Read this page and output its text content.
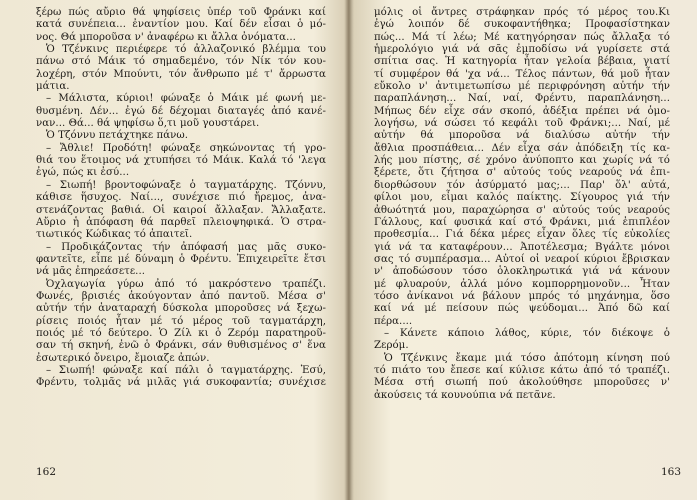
ξέρω πώς αὔριο θά ψηφίσεις ὑπέρ τοῦ Φράνκι καί
κατά συνέπεια... ἐναντίον μου. Καί δέν εἶσαι ὁ μό-
νος. Θά μποροῦσα ν' ἀναφέρω κι ἄλλα ὀνόματα...
Ὁ Τζένκινς περιέφερε τό ἀλλαζονικό βλέμμα του
πάνω στό Μάικ τό σημαδεμένο, τόν Νίκ τόν κου-
λοχέρη, στόν Μπούντι, τόν ἄνθρωπο μέ τ' ἄρρωστα
μάτια.
– Μάλιστα, κύριοι! φώναξε ὁ Μάικ μέ φωνή με-
θυσμένη. Δέν... ἐγώ δέ δέχομαι διαταγές ἀπό κανέ-
ναν... Θά... θά ψηφίσω ὅ,τι μοῦ γουστάρει.
Ὁ Τζόννυ πετάχτηκε πάνω.
– Ἄθλιε! Προδότη! φώναξε σηκώνοντας τή γρο-
θιά του ἕτοιμος νά χτυπήσει τό Μάικ. Καλά τό 'λεγα
ἐγώ, πώς κι ἐσύ...
– Σιωπή! βροντοφώναξε ὁ ταγματάρχης. Τζόννυ,
κάθισε ἥσυχος. Ναί..., συνέχισε πιό ἤρεμος, ἀνα-
στενάζοντας βαθιά. Οἱ καιροί ἄλλαξαν. Ἄλλαξατε.
Αὔριο ἡ ἀπόφαση θά παρθεῖ πλειοψηφικά. Ὁ στρα-
τιωτικός Κώδικας τό ἀπαιτεῖ.
– Προδικάζοντας τήν ἀπόφασή μας μᾶς συκο-
φαντεῖτε, εἶπε μέ δύναμη ὁ Φρέντυ. Ἐπιχειρεῖτε ἔτσι
νά μᾶς ἐπηρεάσετε...
Ὀχλαγωγία γύρω ἀπό τό μακρόστενο τραπέζι.
Φωνές, βρισιές ἀκούγονταν ἀπό παντοῦ. Μέσα σ'
αὐτήν τήν ἀναταραχή δύσκολα μποροῦσες νά ξεχω-
ρίσεις ποιός ἦταν μέ τό μέρος τοῦ ταγματάρχη,
ποιός μέ τό δεύτερο. Ὁ Ζίλ κι ὁ Ζερόμ παρατηροῦ-
σαν τή σκηνή, ἐνῶ ὁ Φράνκι, σάν θυθισμένος σ' ἕνα
ἐσωτερικό ὄνειρο, ἔμοιαζε ἀπών.
– Σιωπή! φώναξε καί πάλι ὁ ταγματάρχης. Ἐσύ,
Φρέντυ, τολμᾶς νά μιλᾶς γιά συκοφαντία; συνέχισε
162
μόλις οἱ ἄντρες στράφηκαν πρός τό μέρος του.Κι
ἐγώ λοιπόν δέ συκοφαντήθηκα; Προφασίστηκαν
πώς... Μά τί λέω; Μέ κατηγόρησαν πώς ἄλλαξα τό
ἡμερολόγιο γιά νά σᾶς ἐμποδίσω νά γυρίσετε στά
σπίτια σας. Ἡ κατηγορία ἦταν γελοία βέβαια, γιατί
τί συμφέρον θά 'χα νά... Τέλος πάντων, θά μοῦ ἦταν
εὔκολο ν' ἀντιμετωπίσω μέ περιφρόνηση αὐτήν τήν
παραπλάνηση... Ναί, ναί, Φρέντυ, παραπλάνηση...
Μήπως δέν εἶχε σάν σκοπό, ἀδέξια πρέπει νά ὁμο-
λογήσω, νά σώσει τό κεφάλι τοῦ Φράνκι;... Ναί, μέ
αὐτήν θά μποροῦσα νά διαλύσω αὐτήν τήν
ἄθλια προσπάθεια... Δέν εἶχα σάν ἀπόδειξη τίς κα-
λής μου πίστης, σέ χρόνο ἀνύποπτο και χωρίς νά τό
ξέρετε, ὅτι ζήτησα σ' αὐτούς τούς νεαρούς νά ἐπι-
διορθώσουν τόν ἀσύρματό μας;... Παρ' ὅλ' αὐτά,
φίλοι μου, εἶμαι καλός παίκτης. Σίγουρος γιά τήν
ἀθωότητά μου, παραχώρησα σ' αὐτούς τούς νεαρούς
Γάλλους, καί φυσικά καί στό Φράνκι, μιά ἐπιπλέον
προθεσμία... Γιά δέκα μέρες εἶχαν ὅλες τίς εὐκολίες
γιά νά τα καταφέρουν... Ἀποτέλεσμα; Βγάλτε μόνοι
σας τό συμπέρασμα... Αὐτοί οἱ νεαροί κύριοι ἔβρισκαν
ν' ἀποδώσουν τόσο ὁλοκληρωτικά γιά νά κάνουν
μέ φλυαρούν, ἀλλά μόνο κομπορρημονοῦν... Ἦταν
τόσο ἀνίκανοι νά βάλουν μπρός τό μηχάνημα, ὅσο
καί νά μέ πείσουν πώς ψεύδομαι... Ἀπό δῶ καί
πέρα....
– Κάνετε κάποιο λάθος, κύριε, τόν διέκοψε ὁ
Ζερόμ.
Ὁ Τζένκινς ἔκαμε μιά τόσο ἀπότομη κίνηση πού
τό πιάτο του ἔπεσε καί κύλισε κάτω ἀπό τό τραπέζι.
Μέσα στή σιωπή πού ἀκολούθησε μποροῦσες ν'
ἀκούσεις τά κουνούπια νά πετᾶνε.
163
